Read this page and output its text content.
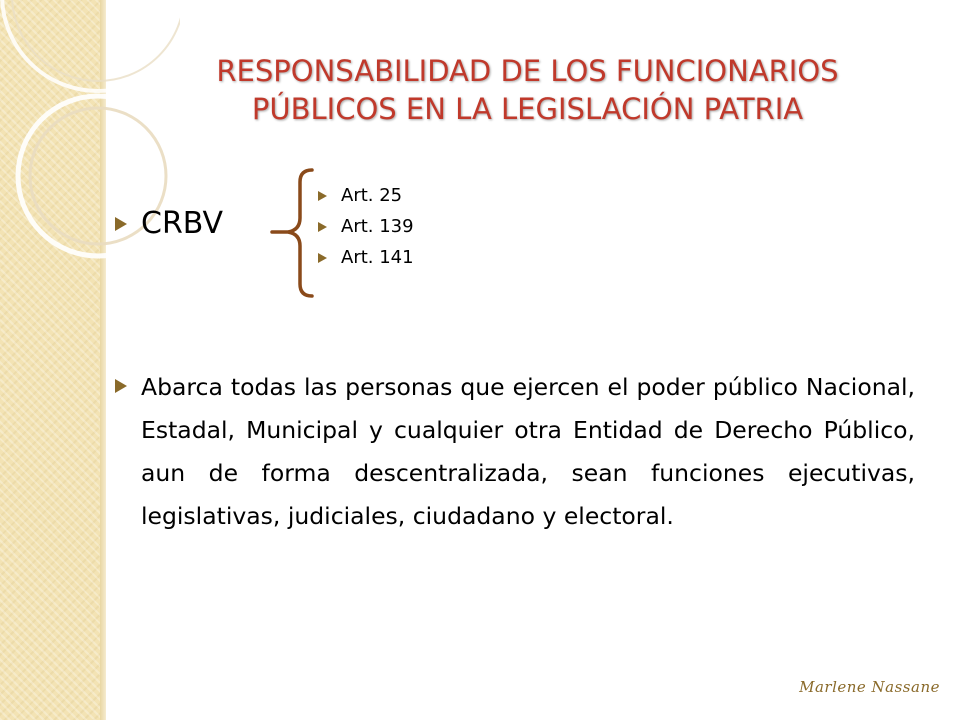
RESPONSABILIDAD DE LOS FUNCIONARIOS PÚBLICOS EN LA LEGISLACIÓN PATRIA
CRBV
Art. 25
Art. 139
Art. 141

Abarca todas las personas que ejercen el poder público Nacional, Estadal, Municipal y cualquier otra Entidad de Derecho Público, aun de forma descentralizada, sean funciones ejecutivas, legislativas, judiciales, ciudadano y electoral.

Marlene Nassane
